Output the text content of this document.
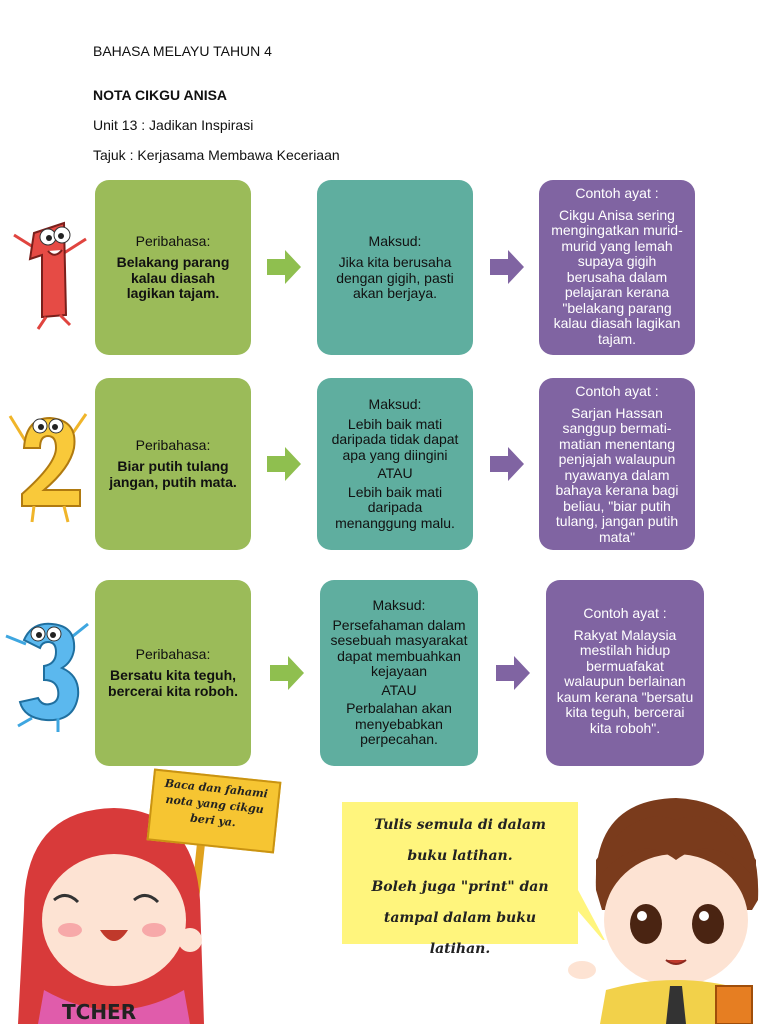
BAHASA MELAYU TAHUN 4
NOTA CIKGU ANISA
Unit 13 : Jadikan Inspirasi
Tajuk : Kerjasama Membawa Keceriaan
Peribahasa:
Belakang parang kalau diasah lagikan tajam.
Maksud:
Jika kita berusaha dengan gigih, pasti akan berjaya.
Contoh ayat :
Cikgu Anisa sering mengingatkan murid-murid yang lemah supaya gigih berusaha dalam pelajaran kerana "belakang parang kalau diasah lagikan tajam.
Peribahasa:
Biar putih tulang jangan, putih mata.
Maksud:
Lebih baik mati daripada tidak dapat apa yang diingini
ATAU
Lebih baik mati daripada menanggung malu.
Contoh ayat :
Sarjan Hassan sanggup bermati-matian menentang penjajah walaupun nyawanya dalam bahaya kerana bagi beliau, "biar putih tulang, jangan putih mata"
Peribahasa:
Bersatu kita teguh, bercerai kita roboh.
Maksud:
Persefahaman dalam sesebuah masyarakat dapat membuahkan kejayaan
ATAU
Perbalahan akan menyebabkan perpecahan.
Contoh ayat :
Rakyat Malaysia mestilah hidup bermuafakat walaupun berlainan kaum kerana "bersatu kita teguh, bercerai kita roboh".
Baca dan fahami nota yang cikgu beri ya.
TCHER
Tulis semula di dalam buku latihan.
Boleh juga "print" dan tampal dalam buku latihan.
